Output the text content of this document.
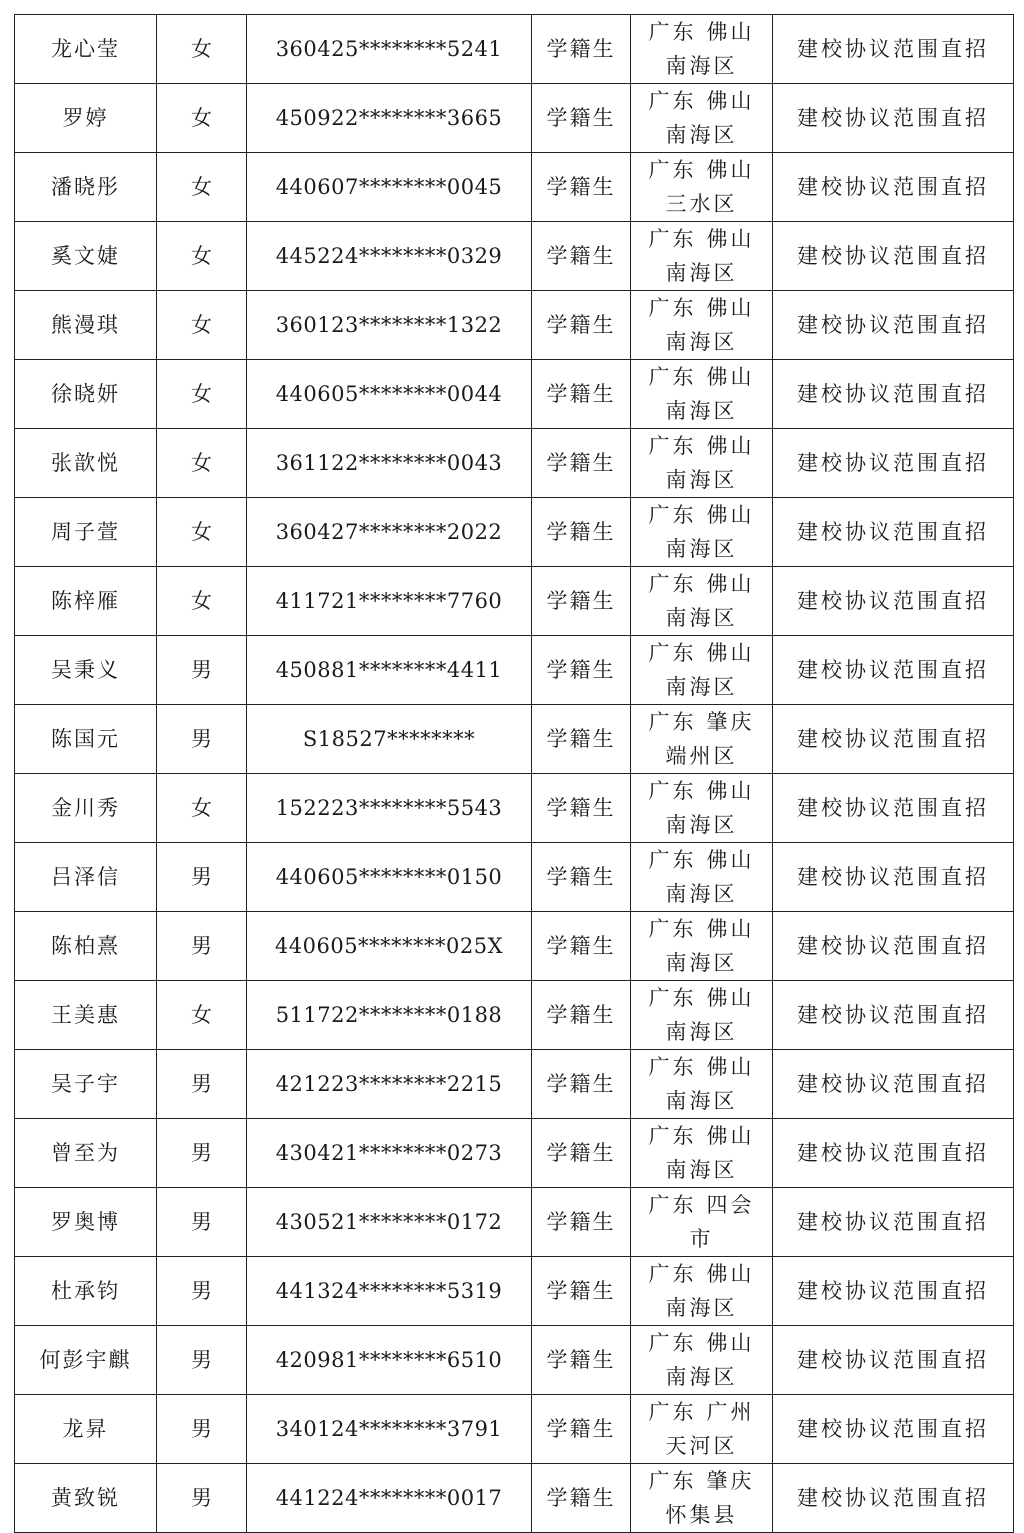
龙心莹	女	360425********5241	学籍生	广东 佛山
南海区	建校协议范围直招
罗婷	女	450922********3665	学籍生	广东 佛山
南海区	建校协议范围直招
潘晓彤	女	440607********0045	学籍生	广东 佛山
三水区	建校协议范围直招
奚文婕	女	445224********0329	学籍生	广东 佛山
南海区	建校协议范围直招
熊漫琪	女	360123********1322	学籍生	广东 佛山
南海区	建校协议范围直招
徐晓妍	女	440605********0044	学籍生	广东 佛山
南海区	建校协议范围直招
张歆悦	女	361122********0043	学籍生	广东 佛山
南海区	建校协议范围直招
周子萱	女	360427********2022	学籍生	广东 佛山
南海区	建校协议范围直招
陈梓雁	女	411721********7760	学籍生	广东 佛山
南海区	建校协议范围直招
吴秉义	男	450881********4411	学籍生	广东 佛山
南海区	建校协议范围直招
陈国元	男	S18527********	学籍生	广东 肇庆
端州区	建校协议范围直招
金川秀	女	152223********5543	学籍生	广东 佛山
南海区	建校协议范围直招
吕泽信	男	440605********0150	学籍生	广东 佛山
南海区	建校协议范围直招
陈柏熹	男	440605********025X	学籍生	广东 佛山
南海区	建校协议范围直招
王美惠	女	511722********0188	学籍生	广东 佛山
南海区	建校协议范围直招
吴子宇	男	421223********2215	学籍生	广东 佛山
南海区	建校协议范围直招
曾至为	男	430421********0273	学籍生	广东 佛山
南海区	建校协议范围直招
罗奥博	男	430521********0172	学籍生	广东 四会
市	建校协议范围直招
杜承钧	男	441324********5319	学籍生	广东 佛山
南海区	建校协议范围直招
何彭宇麒	男	420981********6510	学籍生	广东 佛山
南海区	建校协议范围直招
龙昇	男	340124********3791	学籍生	广东 广州
天河区	建校协议范围直招
黄致锐	男	441224********0017	学籍生	广东 肇庆
怀集县	建校协议范围直招
